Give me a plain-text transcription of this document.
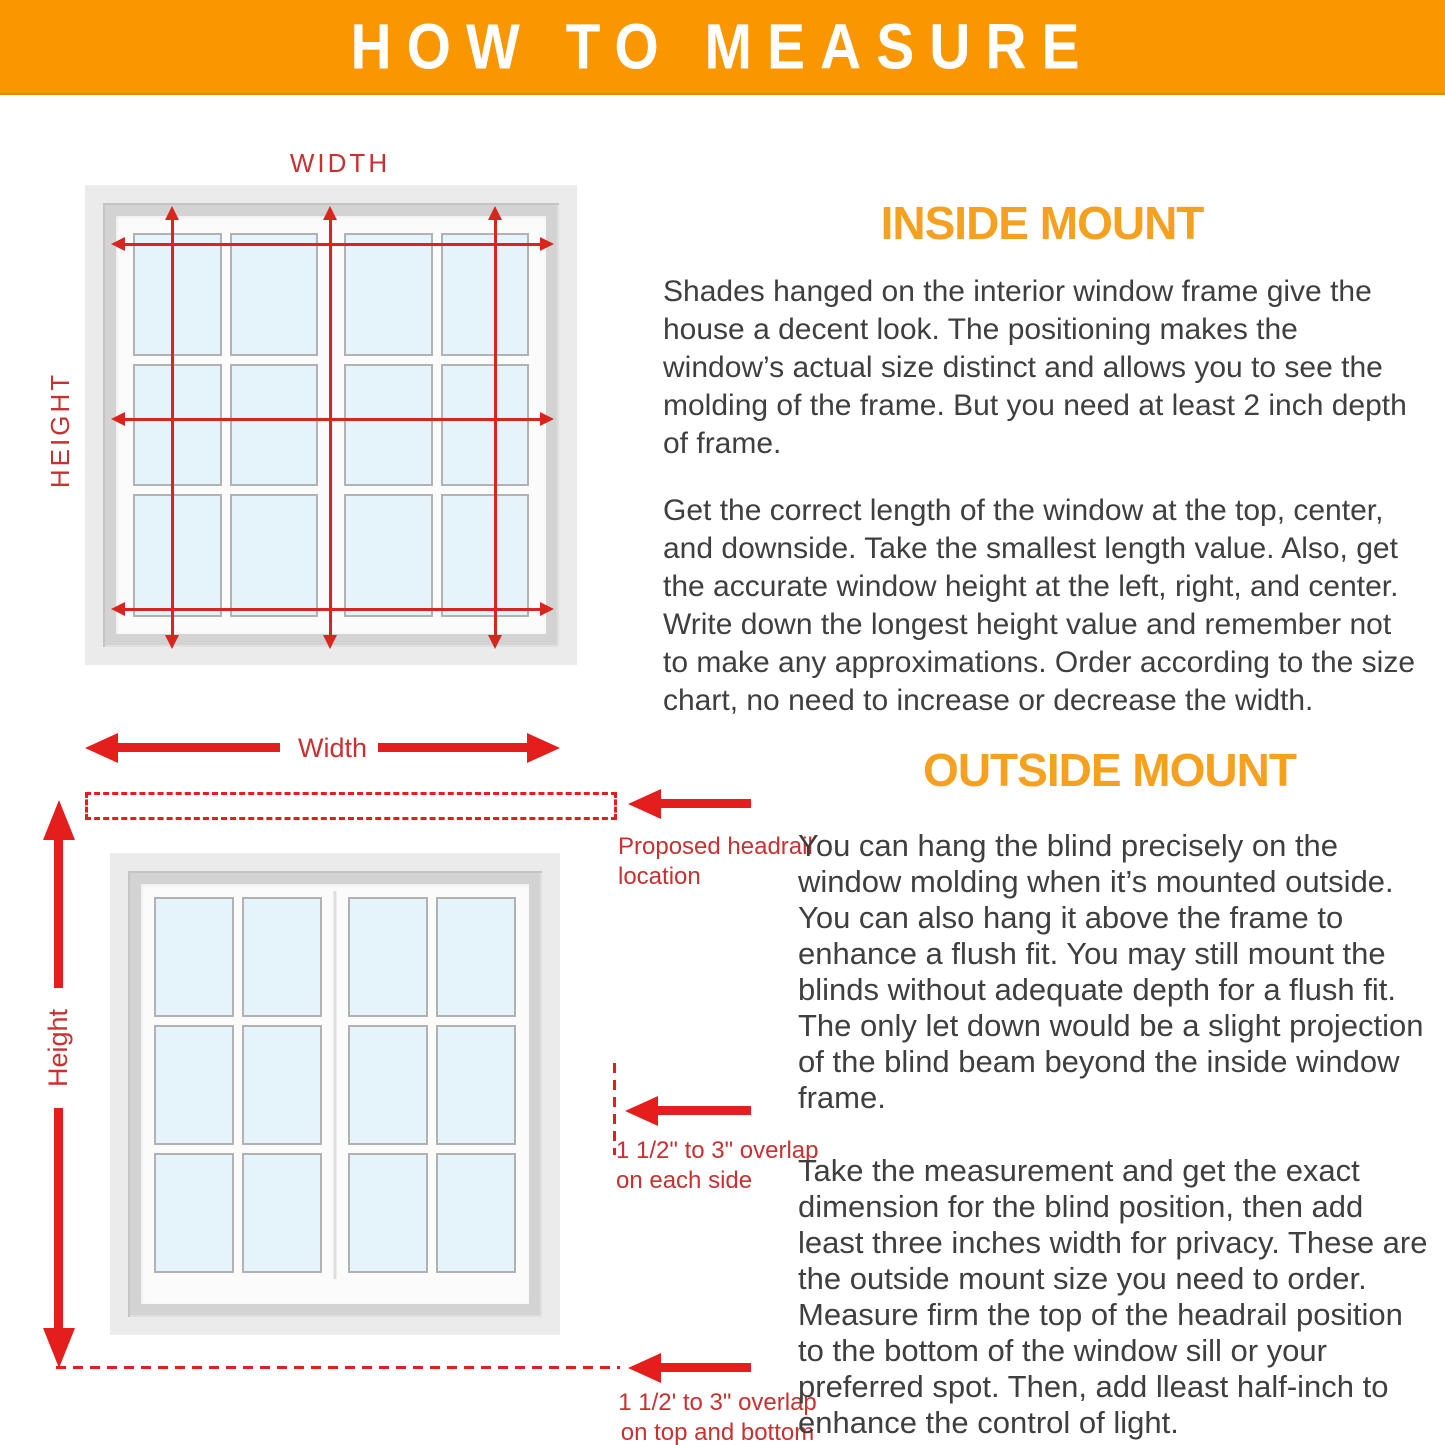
HOW TO MEASURE
WIDTH
HEIGHT
INSIDE MOUNT

Shades hanged on the interior window frame give the house a decent look. The positioning makes the window’s actual size distinct and allows you to see the molding of the frame. But you need at least 2 inch depth of frame.

Get the correct length of the window at the top, center, and downside. Take the smallest length value. Also, get the accurate window height at the left, right, and center. Write down the longest height value and remember not to make any approximations. Order according to the size chart, no need to increase or decrease the width.

Width
Proposed headrail location
Height
1 1/2" to 3" overlap on each side
1 1/2' to 3" overlap on top and bottom
OUTSIDE MOUNT

You can hang the blind precisely on the window molding when it’s mounted outside. You can also hang it above the frame to enhance a flush fit. You may still mount the blinds without adequate depth for a flush fit. The only let down would be a slight projection of the blind beam beyond the inside window frame.

Take the measurement and get the exact dimension for the blind position, then add least three inches width for privacy. These are the outside mount size you need to order. Measure firm the top of the headrail position to the bottom of the window sill or your preferred spot. Then, add lleast half-inch to enhance the control of light.
